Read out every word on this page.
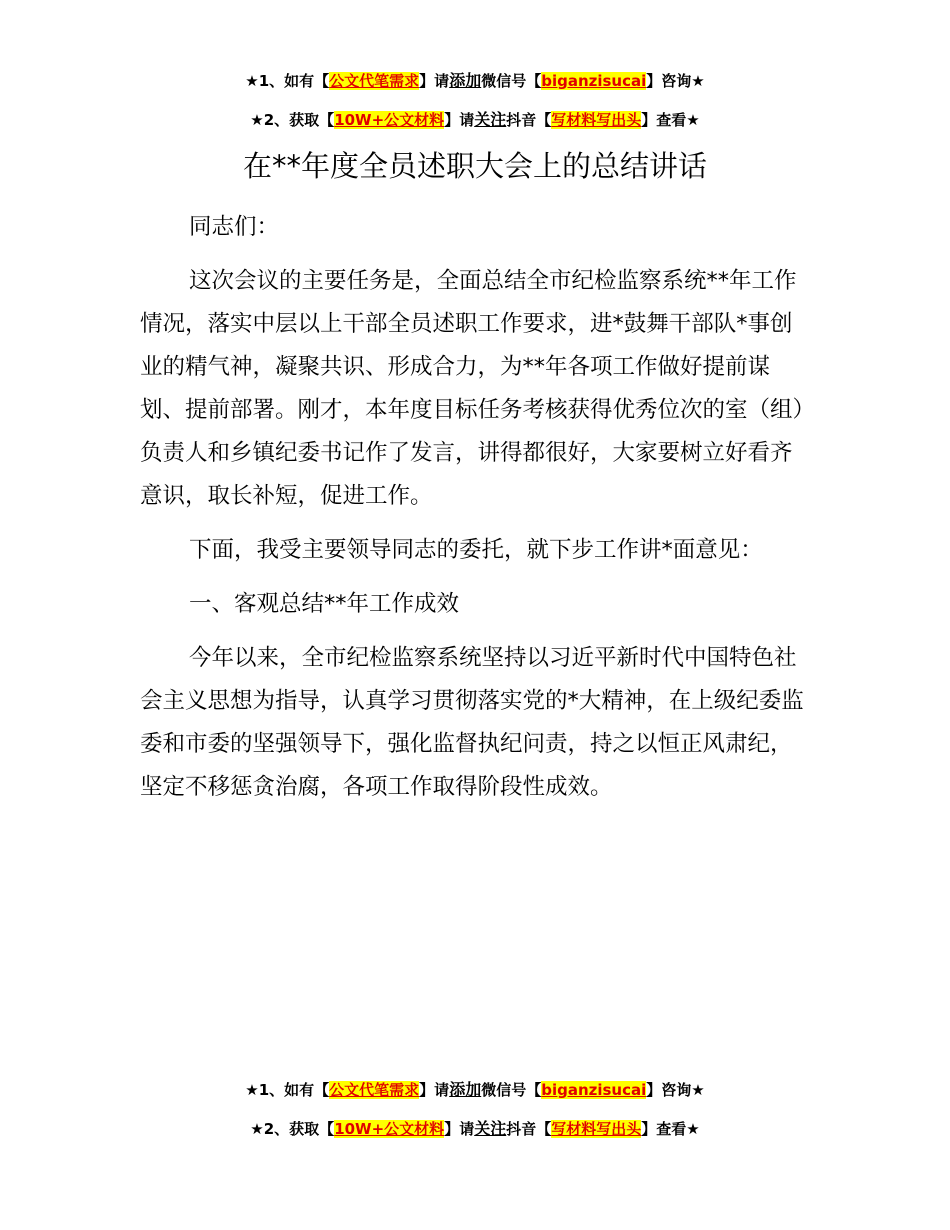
★1、如有【公文代笔需求】请添加微信号【biganzisucai】咨询★
★2、获取【10W+公文材料】请关注抖音【写材料写出头】查看★
在**年度全员述职大会上的总结讲话

同志们：

这次会议的主要任务是，全面总结全市纪检监察系统**年工作情况，落实中层以上干部全员述职工作要求，进*鼓舞干部队*事创业的精气神，凝聚共识、形成合力，为**年各项工作做好提前谋划、提前部署。刚才，本年度目标任务考核获得优秀位次的室（组）负责人和乡镇纪委书记作了发言，讲得都很好，大家要树立好看齐意识，取长补短，促进工作。

下面，我受主要领导同志的委托，就下步工作讲*面意见：

一、客观总结**年工作成效

今年以来，全市纪检监察系统坚持以习近平新时代中国特色社会主义思想为指导，认真学习贯彻落实党的*大精神，在上级纪委监委和市委的坚强领导下，强化监督执纪问责，持之以恒正风肃纪，坚定不移惩贪治腐，各项工作取得阶段性成效。

★1、如有【公文代笔需求】请添加微信号【biganzisucai】咨询★
★2、获取【10W+公文材料】请关注抖音【写材料写出头】查看★
